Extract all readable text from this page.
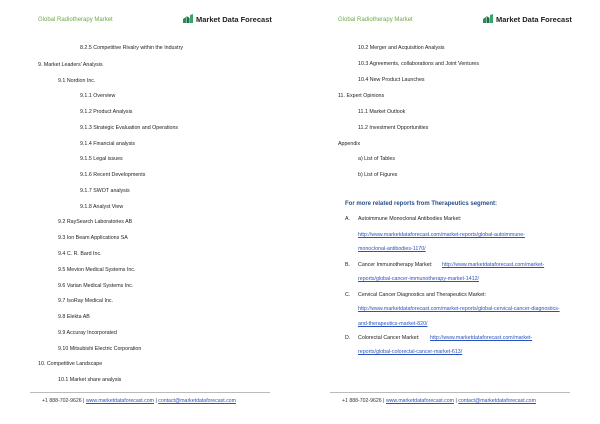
Global Radiotherapy Market	Market Data Forecast
8.2.5 Competitive Rivalry within the Industry
9. Market Leaders' Analysis
9.1 Nordion Inc.
9.1.1 Overview
9.1.2 Product Analysis
9.1.3 Strategic Evaluation and Operations
9.1.4 Financial analysis
9.1.5 Legal issues
9.1.6 Recent Developments
9.1.7 SWOT analysis
9.1.8 Analyst View
9.2 RaySearch Laboratories AB
9.3 Ion Beam Applications SA
9.4 C. R. Bard Inc.
9.5 Mevion Medical Systems Inc.
9.6 Varian Medical Systems Inc.
9.7 IsoRay Medical Inc.
9.8 Elekta AB
9.9 Accuray Incorporated
9.10 Mitsubishi Electric Corporation
10. Competitive Landscape
10.1 Market share analysis
+1 888-702-9626 | www.marketdataforecast.com | contact@marketdataforecast.com
Global Radiotherapy Market	Market Data Forecast
10.2 Merger and Acquisition Analysis
10.3 Agreements, collaborations and Joint Ventures
10.4 New Product Launches
11. Expert Opinions
11.1 Market Outlook
11.2 Investment Opportunities
Appendix
a) List of Tables
b) List of Figures
For more related reports from Therapeutics segment:
A. Autoimmune Monoclonal Antibodies Market:
http://www.marketdataforecast.com/market-reports/global-autoimmune-
monoclonal-antibodies-1170/
B. Cancer Immunotherapy Market: http://www.marketdataforecast.com/market-
reports/global-cancer-immunotherapy-market-1412/
C. Cervical Cancer Diagnostics and Therapeutics Market:
http://www.marketdataforecast.com/market-reports/global-cervical-cancer-diagnostics-
and-therapeutics-market-820/
D. Colorectal Cancer Market: http://www.marketdataforecast.com/market-
reports/global-colorectal-cancer-market-613/
+1 888-702-9626 | www.marketdataforecast.com | contact@marketdataforecast.com
